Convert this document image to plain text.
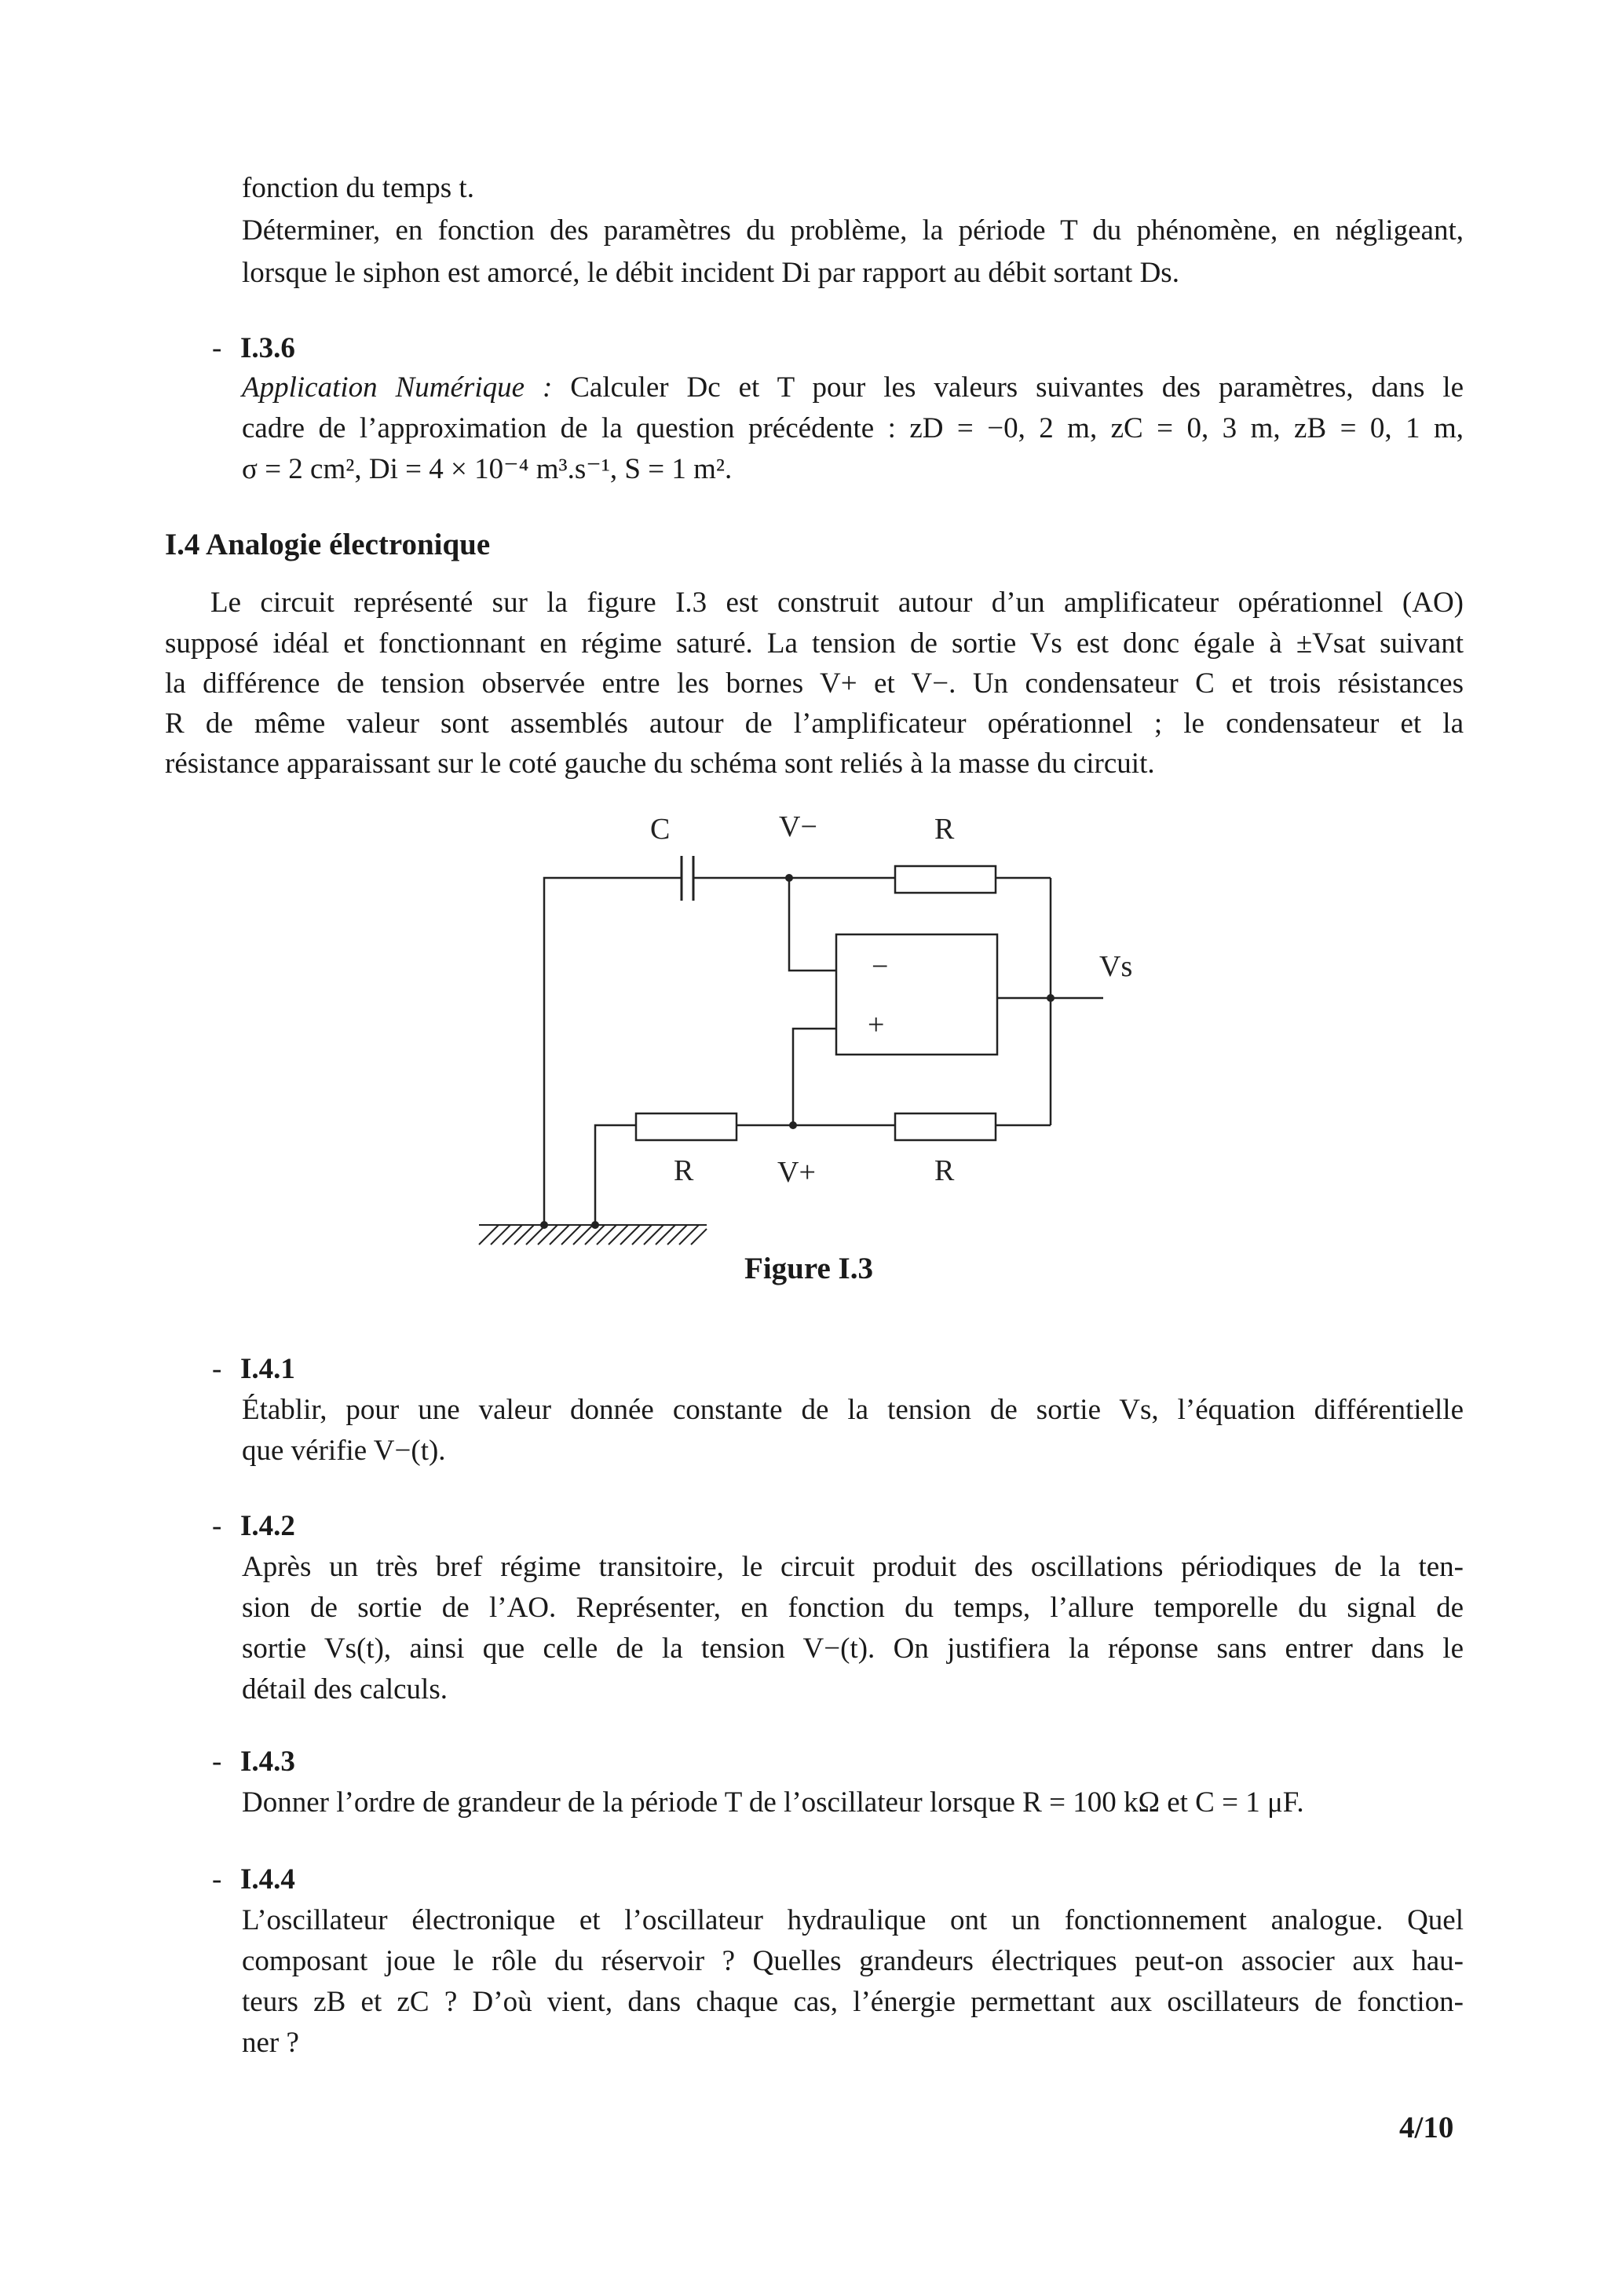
fonction du temps t.
Déterminer, en fonction des paramètres du problème, la période T du phénomène, en négligeant,
lorsque le siphon est amorcé, le débit incident Di par rapport au débit sortant Ds.
- I.3.6
Application Numérique : Calculer Dc et T pour les valeurs suivantes des paramètres, dans le
cadre de l’approximation de la question précédente : zD = −0, 2 m, zC = 0, 3 m, zB = 0, 1 m,
σ = 2 cm², Di = 4 × 10⁻⁴ m³.s⁻¹, S = 1 m².
I.4 Analogie électronique
Le circuit représenté sur la figure I.3 est construit autour d’un amplificateur opérationnel (AO)
supposé idéal et fonctionnant en régime saturé. La tension de sortie Vs est donc égale à ±Vsat suivant
la différence de tension observée entre les bornes V+ et V−. Un condensateur C et trois résistances
R de même valeur sont assemblés autour de l’amplificateur opérationnel ; le condensateur et la
résistance apparaissant sur le coté gauche du schéma sont reliés à la masse du circuit.
C	V−	R
Vs
−
+
R	V+	R
Figure I.3
- I.4.1
Établir, pour une valeur donnée constante de la tension de sortie Vs, l’équation différentielle
que vérifie V−(t).
- I.4.2
Après un très bref régime transitoire, le circuit produit des oscillations périodiques de la ten-
sion de sortie de l’AO. Représenter, en fonction du temps, l’allure temporelle du signal de
sortie Vs(t), ainsi que celle de la tension V−(t). On justifiera la réponse sans entrer dans le
détail des calculs.
- I.4.3
Donner l’ordre de grandeur de la période T de l’oscillateur lorsque R = 100 kΩ et C = 1 μF.
- I.4.4
L’oscillateur électronique et l’oscillateur hydraulique ont un fonctionnement analogue. Quel
composant joue le rôle du réservoir ? Quelles grandeurs électriques peut-on associer aux hau-
teurs zB et zC ? D’où vient, dans chaque cas, l’énergie permettant aux oscillateurs de fonction-
ner ?
4/10
